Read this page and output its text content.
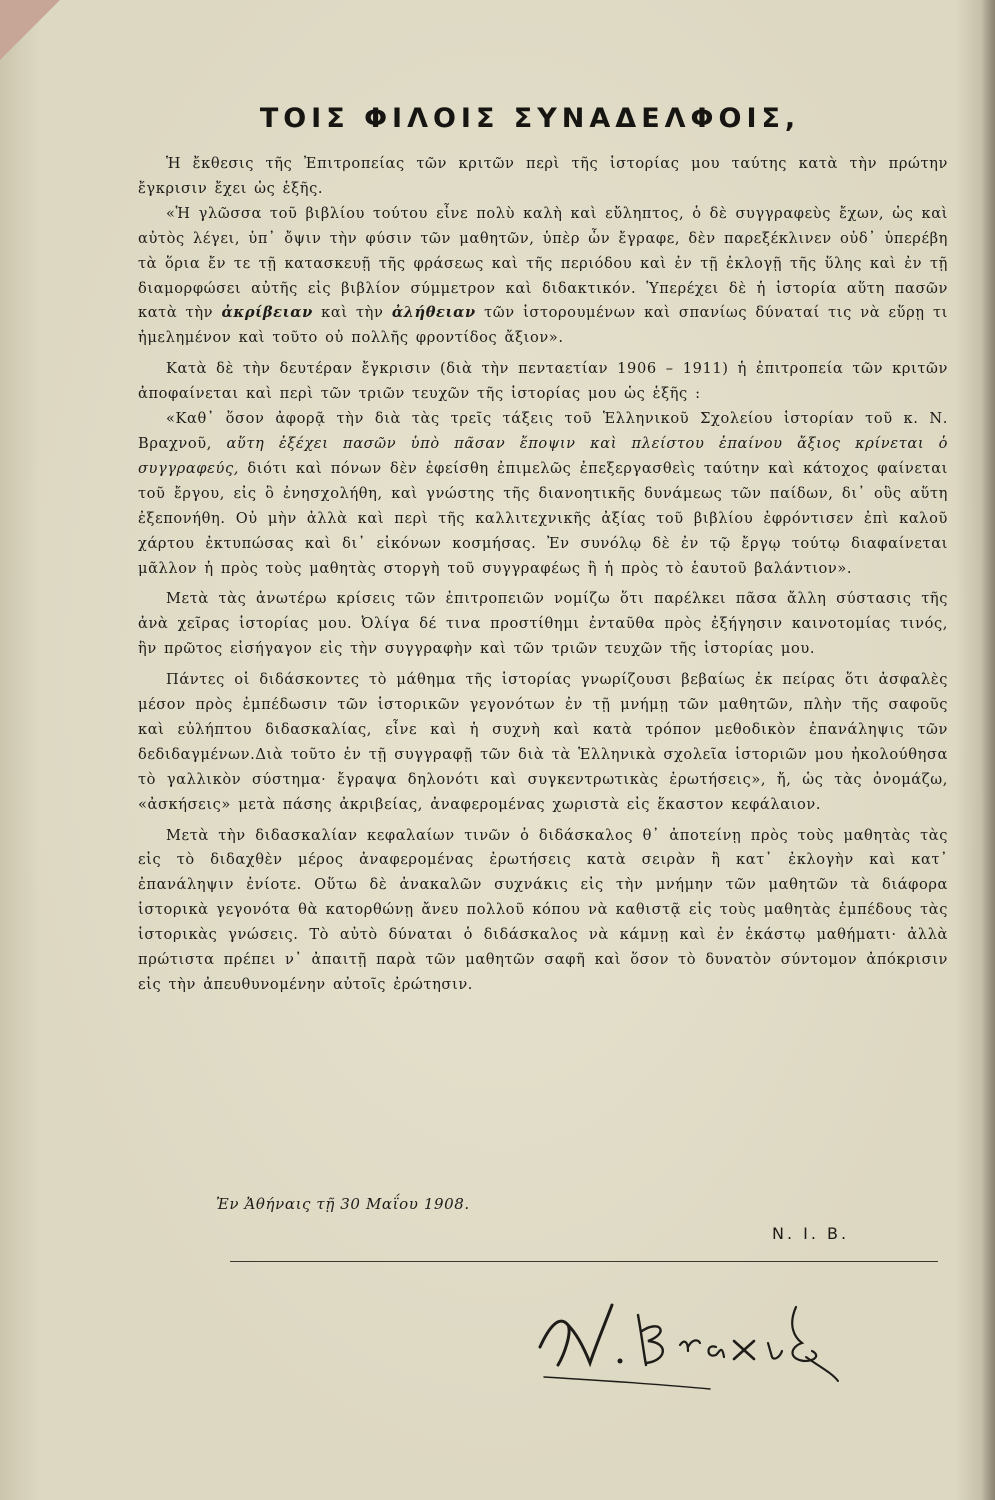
ΤΟΙΣ ΦΙΛΟΙΣ ΣΥΝΑΔΕΛΦΟΙΣ,

Ἡ ἔκθεσις τῆς Ἐπιτροπείας τῶν κριτῶν περὶ τῆς ἱστορίας μου ταύτης κατὰ τὴν πρώτην ἔγκρισιν ἔχει ὡς ἑξῆς.

«Ἡ γλῶσσα τοῦ βιβλίου τούτου εἶνε πολὺ καλὴ καὶ εὔληπτος, ὁ δὲ συγγραφεὺς ἔχων, ὡς καὶ αὐτὸς λέγει, ὑπ᾽ ὄψιν τὴν φύσιν τῶν μαθητῶν, ὑπὲρ ὧν ἔγραφε, δὲν παρεξέκλινεν οὐδ᾽ ὑπερέβη τὰ ὅρια ἔν τε τῇ κατασκευῇ τῆς φράσεως καὶ τῆς περιόδου καὶ ἐν τῇ ἐκλογῇ τῆς ὕλης καὶ ἐν τῇ διαμορφώσει αὐτῆς εἰς βιβλίον σύμμετρον καὶ διδακτικόν. Ὑπερέχει δὲ ἡ ἱστορία αὕτη πασῶν κατὰ τὴν ἀκρίβειαν καὶ τὴν ἀλήθειαν τῶν ἱστορουμένων καὶ σπανίως δύναταί τις νὰ εὕρῃ τι ἠμελημένον καὶ τοῦτο οὐ πολλῆς φροντίδος ἄξιον».

Κατὰ δὲ τὴν δευτέραν ἔγκρισιν (διὰ τὴν πενταετίαν 1906 – 1911) ἡ ἐπιτροπεία τῶν κριτῶν ἀποφαίνεται καὶ περὶ τῶν τριῶν τευχῶν τῆς ἱστορίας μου ὡς ἑξῆς :

«Καθ᾽ ὅσον ἀφορᾷ τὴν διὰ τὰς τρεῖς τάξεις τοῦ Ἑλληνικοῦ Σχολείου ἱστορίαν τοῦ κ. Ν. Βραχνοῦ, αὕτη ἐξέχει πασῶν ὑπὸ πᾶσαν ἔποψιν καὶ πλείστου ἐπαίνου ἄξιος κρίνεται ὁ συγγραφεύς, διότι καὶ πόνων δὲν ἐφείσθη ἐπιμελῶς ἐπεξεργασθεὶς ταύτην καὶ κάτοχος φαίνεται τοῦ ἔργου, εἰς ὃ ἐνησχολήθη, καὶ γνώστης τῆς διανοητικῆς δυνάμεως τῶν παίδων, δι᾽ οὓς αὕτη ἐξεπονήθη. Οὐ μὴν ἀλλὰ καὶ περὶ τῆς καλλιτεχνικῆς ἀξίας τοῦ βιβλίου ἐφρόντισεν ἐπὶ καλοῦ χάρτου ἐκτυπώσας καὶ δι᾽ εἰκόνων κοσμήσας. Ἐν συνόλῳ δὲ ἐν τῷ ἔργῳ τούτῳ διαφαίνεται μᾶλλον ἡ πρὸς τοὺς μαθητὰς στοργὴ τοῦ συγγραφέως ἢ ἡ πρὸς τὸ ἑαυτοῦ βαλάντιον».

Μετὰ τὰς ἀνωτέρω κρίσεις τῶν ἐπιτροπειῶν νομίζω ὅτι παρέλκει πᾶσα ἄλλη σύστασις τῆς ἀνὰ χεῖρας ἱστορίας μου. Ὀλίγα δέ τινα προστίθημι ἐνταῦθα πρὸς ἐξήγησιν καινοτομίας τινός, ἣν πρῶτος εἰσήγαγον εἰς τὴν συγγραφὴν καὶ τῶν τριῶν τευχῶν τῆς ἱστορίας μου.

Πάντες οἱ διδάσκοντες τὸ μάθημα τῆς ἱστορίας γνωρίζουσι βεβαίως ἐκ πείρας ὅτι ἀσφαλὲς μέσον πρὸς ἐμπέδωσιν τῶν ἱστορικῶν γεγονότων ἐν τῇ μνήμῃ τῶν μαθητῶν, πλὴν τῆς σαφοῦς καὶ εὐλήπτου διδασκαλίας, εἶνε καὶ ἡ συχνὴ καὶ κατὰ τρόπον μεθοδικὸν ἐπανάληψις τῶν δεδιδαγμένων.Διὰ τοῦτο ἐν τῇ συγγραφῇ τῶν διὰ τὰ Ἑλληνικὰ σχολεῖα ἱστοριῶν μου ἠκολούθησα τὸ γαλλικὸν σύστημα· ἔγραψα δηλονότι καὶ συγκεντρωτικὰς ἐρωτήσεις», ἤ, ὡς τὰς ὀνομάζω, «ἀσκήσεις» μετὰ πάσης ἀκριβείας, ἀναφερομένας χωριστὰ εἰς ἕκαστον κεφάλαιον.

Μετὰ τὴν διδασκαλίαν κεφαλαίων τινῶν ὁ διδάσκαλος θ᾽ ἀποτείνῃ πρὸς τοὺς μαθητὰς τὰς εἰς τὸ διδαχθὲν μέρος ἀναφερομένας ἐρωτήσεις κατὰ σειρὰν ἢ κατ᾽ ἐκλογὴν καὶ κατ᾽ ἐπανάληψιν ἐνίοτε. Οὕτω δὲ ἀνακαλῶν συχνάκις εἰς τὴν μνήμην τῶν μαθητῶν τὰ διάφορα ἱστορικὰ γεγονότα θὰ κατορθώνῃ ἄνευ πολλοῦ κόπου νὰ καθιστᾷ εἰς τοὺς μαθητὰς ἐμπέδους τὰς ἱστορικὰς γνώσεις. Τὸ αὐτὸ δύναται ὁ διδάσκαλος νὰ κάμνῃ καὶ ἐν ἑκάστῳ μαθήματι· ἀλλὰ πρώτιστα πρέπει ν᾽ ἀπαιτῇ παρὰ τῶν μαθητῶν σαφῆ καὶ ὅσον τὸ δυνατὸν σύντομον ἀπόκρισιν εἰς τὴν ἀπευθυνομένην αὐτοῖς ἐρώτησιν.

Ἐν Ἀθήναις τῇ 30 Μαΐου 1908.
Ν. Ι. Β.
